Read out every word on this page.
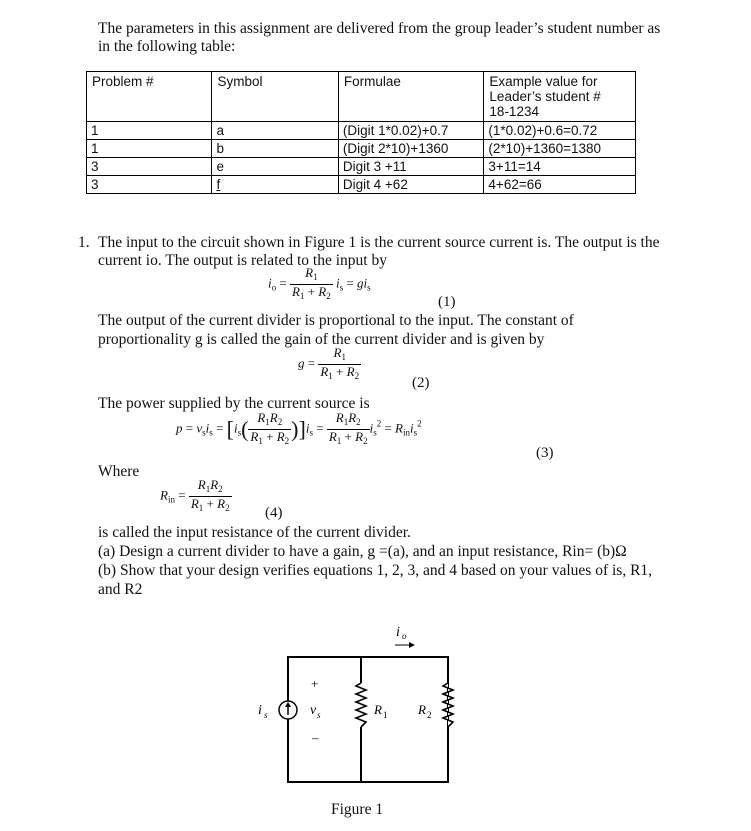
The parameters in this assignment are delivered from the group leader’s student number as
in the following table:
Problem #	Symbol	Formulae	Example value for
Leader’s student #
18-1234

1	a	(Digit 1*0.02)+0.7	(1*0.02)+0.6=0.72
1	b	(Digit 2*10)+1360	(2*10)+1360=1380
3	e	Digit 3 +11	3+11=14
3	f	Digit 4 +62	4+62=66
1. The input to the circuit shown in Figure 1 is the current source current is. The output is the
current io. The output is related to the input by
$i_o = \frac{R_1}{R_1 + R_2} i_s = gi_s$
(1)
The output of the current divider is proportional to the input. The constant of
proportionality g is called the gain of the current divider and is given by
$g = \frac{R_1}{R_1 + R_2}$	(2)
The power supplied by the current source is
$p = v_si_s = [i_s( \frac{R_1R_2}{R_1 + R_2} )]i_s = \frac{R_1R_2}{R_1 + R_2} i_s^2 = R_{in}i_s^2$
(3)
Where
$R_{in} = \frac{R_1R_2}{R_1 + R_2} (4)$
is called the input resistance of the current divider.
(a) Design a current divider to have a gain, g =(a), and an input resistance, Rin= (b)Ω
(b) Show that your design verifies equations 1, 2, 3, and 4 based on your values of is, R1,
and R2
i o
i s
+
v s
–
R 1 R 2
Figure 1
